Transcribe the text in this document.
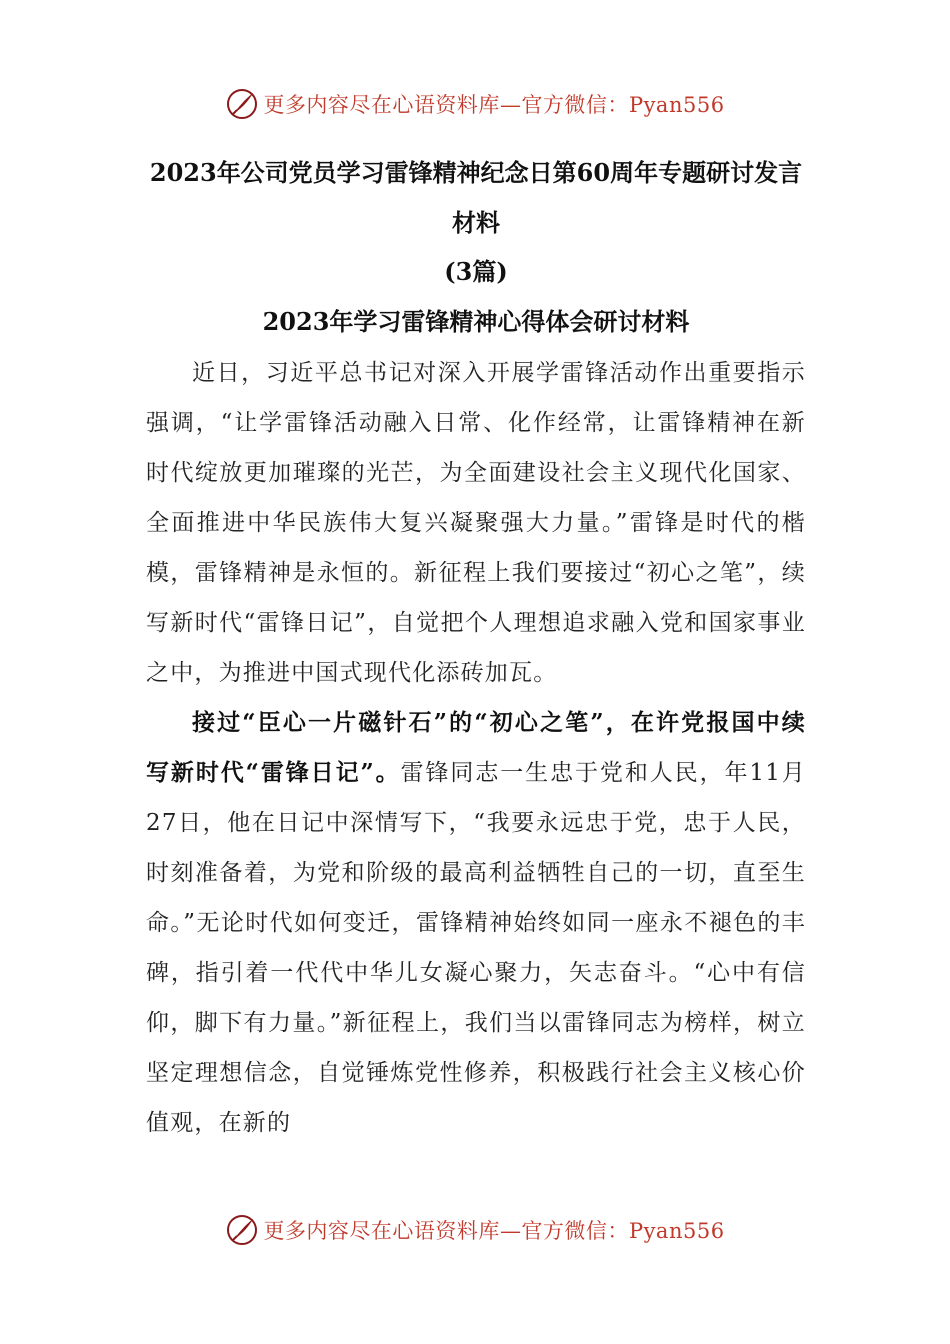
更多内容尽在心语资料库—官方微信：Pyan556

2023年公司党员学习雷锋精神纪念日第60周年专题研讨发言材料

(3篇)

2023年学习雷锋精神心得体会研讨材料

近日，习近平总书记对深入开展学雷锋活动作出重要指示强调，“让学雷锋活动融入日常、化作经常，让雷锋精神在新时代绽放更加璀璨的光芒，为全面建设社会主义现代化国家、全面推进中华民族伟大复兴凝聚强大力量。”雷锋是时代的楷模，雷锋精神是永恒的。新征程上我们要接过“初心之笔”，续写新时代“雷锋日记”，自觉把个人理想追求融入党和国家事业之中，为推进中国式现代化添砖加瓦。

接过“臣心一片磁针石”的“初心之笔”，在许党报国中续写新时代“雷锋日记”。雷锋同志一生忠于党和人民，年11月27日，他在日记中深情写下，“我要永远忠于党，忠于人民，时刻准备着，为党和阶级的最高利益牺牲自己的一切，直至生命。”无论时代如何变迁，雷锋精神始终如同一座永不褪色的丰碑，指引着一代代中华儿女凝心聚力，矢志奋斗。“心中有信仰，脚下有力量。”新征程上，我们当以雷锋同志为榜样，树立坚定理想信念，自觉锤炼党性修养，积极践行社会主义核心价值观，在新的

更多内容尽在心语资料库—官方微信：Pyan556
